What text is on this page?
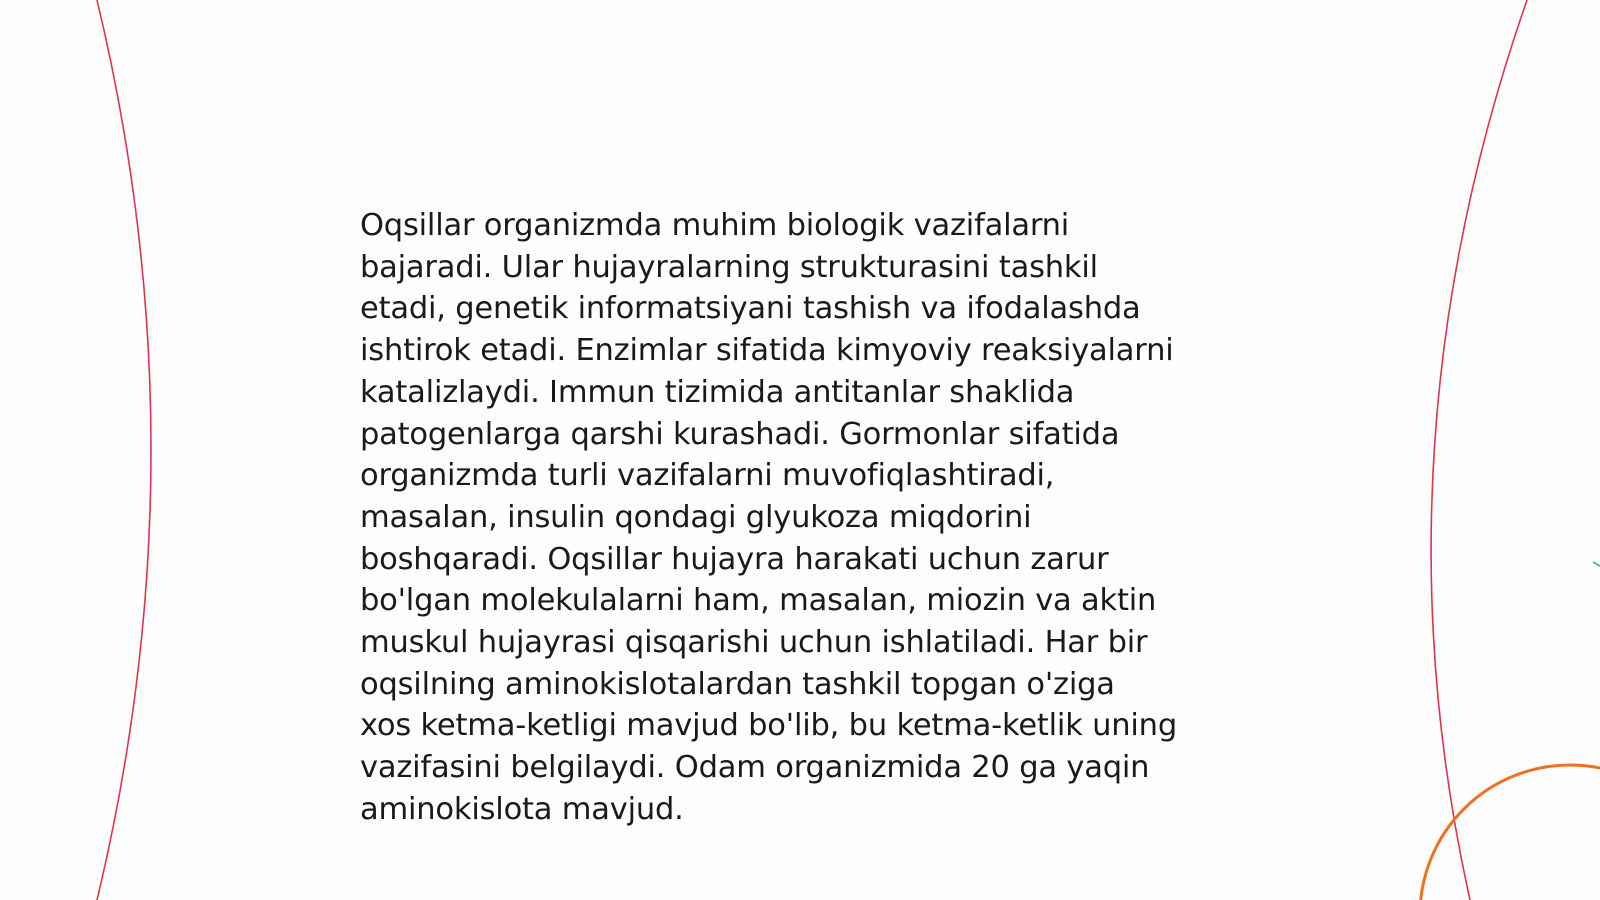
Oqsillar organizmda muhim biologik vazifalarni
bajaradi. Ular hujayralarning strukturasini tashkil
etadi, genetik informatsiyani tashish va ifodalashda
ishtirok etadi. Enzimlar sifatida kimyoviy reaksiyalarni
katalizlaydi. Immun tizimida antitanlar shaklida
patogenlarga qarshi kurashadi. Gormonlar sifatida
organizmda turli vazifalarni muvofiqlashtiradi,
masalan, insulin qondagi glyukoza miqdorini
boshqaradi. Oqsillar hujayra harakati uchun zarur
bo'lgan molekulalarni ham, masalan, miozin va aktin
muskul hujayrasi qisqarishi uchun ishlatiladi. Har bir
oqsilning aminokislotalardan tashkil topgan o'ziga
xos ketma-ketligi mavjud bo'lib, bu ketma-ketlik uning
vazifasini belgilaydi. Odam organizmida 20 ga yaqin
aminokislota mavjud.
